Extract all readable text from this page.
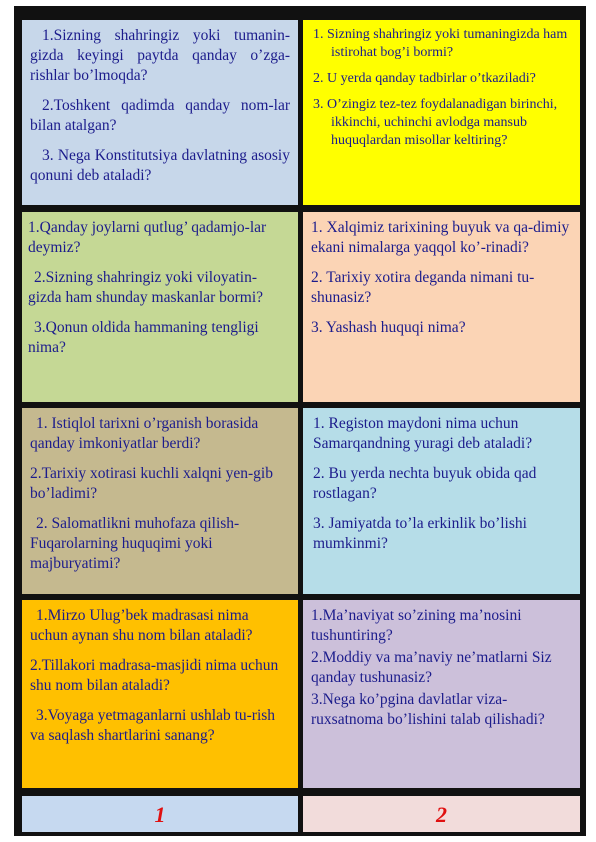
1.Sizning shahringiz yoki tumanin-gizda keyingi paytda qanday o’zga-rishlar bo’lmoqda?

2.Toshkent qadimda qanday nom-lar bilan atalgan?

3. Nega Konstitutsiya davlatning asosiy qonuni deb ataladi?

1. Sizning shahringiz yoki tumaningizda ham istirohat bog’i bormi?

2. U yerda qanday tadbirlar o’tkaziladi?

3. O’zingiz tez-tez foydalanadigan birinchi, ikkinchi, uchinchi avlodga mansub huquqlardan misollar keltiring?

1.Qanday joylarni qutlug’ qadamjo-lar deymiz?

2.Sizning shahringiz yoki viloyatin-gizda ham shunday maskanlar bormi?

3.Qonun oldida hammaning tengligi nima?

1. Xalqimiz tarixining buyuk va qa-dimiy ekani nimalarga yaqqol ko’-rinadi?

2. Tarixiy xotira deganda nimani tu-shunasiz?

3. Yashash huquqi nima?

1. Istiqlol tarixni o’rganish borasida qanday imkoniyatlar berdi?

2.Tarixiy xotirasi kuchli xalqni yen-gib bo’ladimi?

2. Salomatlikni muhofaza qilish-Fuqarolarning huquqimi yoki majburyatimi?

1. Registon maydoni nima uchun Samarqandning yuragi deb ataladi?

2. Bu yerda nechta buyuk obida qad rostlagan?

3. Jamiyatda to’la erkinlik bo’lishi mumkinmi?

1.Mirzo Ulug’bek madrasasi nima uchun aynan shu nom bilan ataladi?

2.Tillakori madrasa-masjidi nima uchun shu nom bilan ataladi?

3.Voyaga yetmaganlarni ushlab tu-rish va saqlash shartlarini sanang?

1.Ma’naviyat so’zining ma’nosini tushuntiring?

2.Moddiy va ma’naviy ne’matlarni Siz qanday tushunasiz?

3.Nega ko’pgina davlatlar viza-ruxsatnoma bo’lishini talab qilishadi?

1	2
